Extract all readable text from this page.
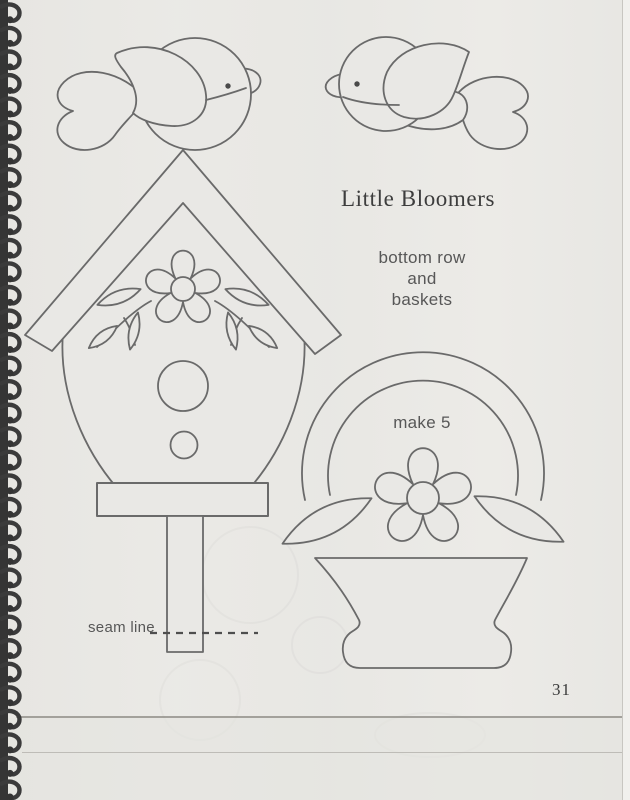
Little Bloomers
bottom row
and
baskets
make 5
seam line
31
